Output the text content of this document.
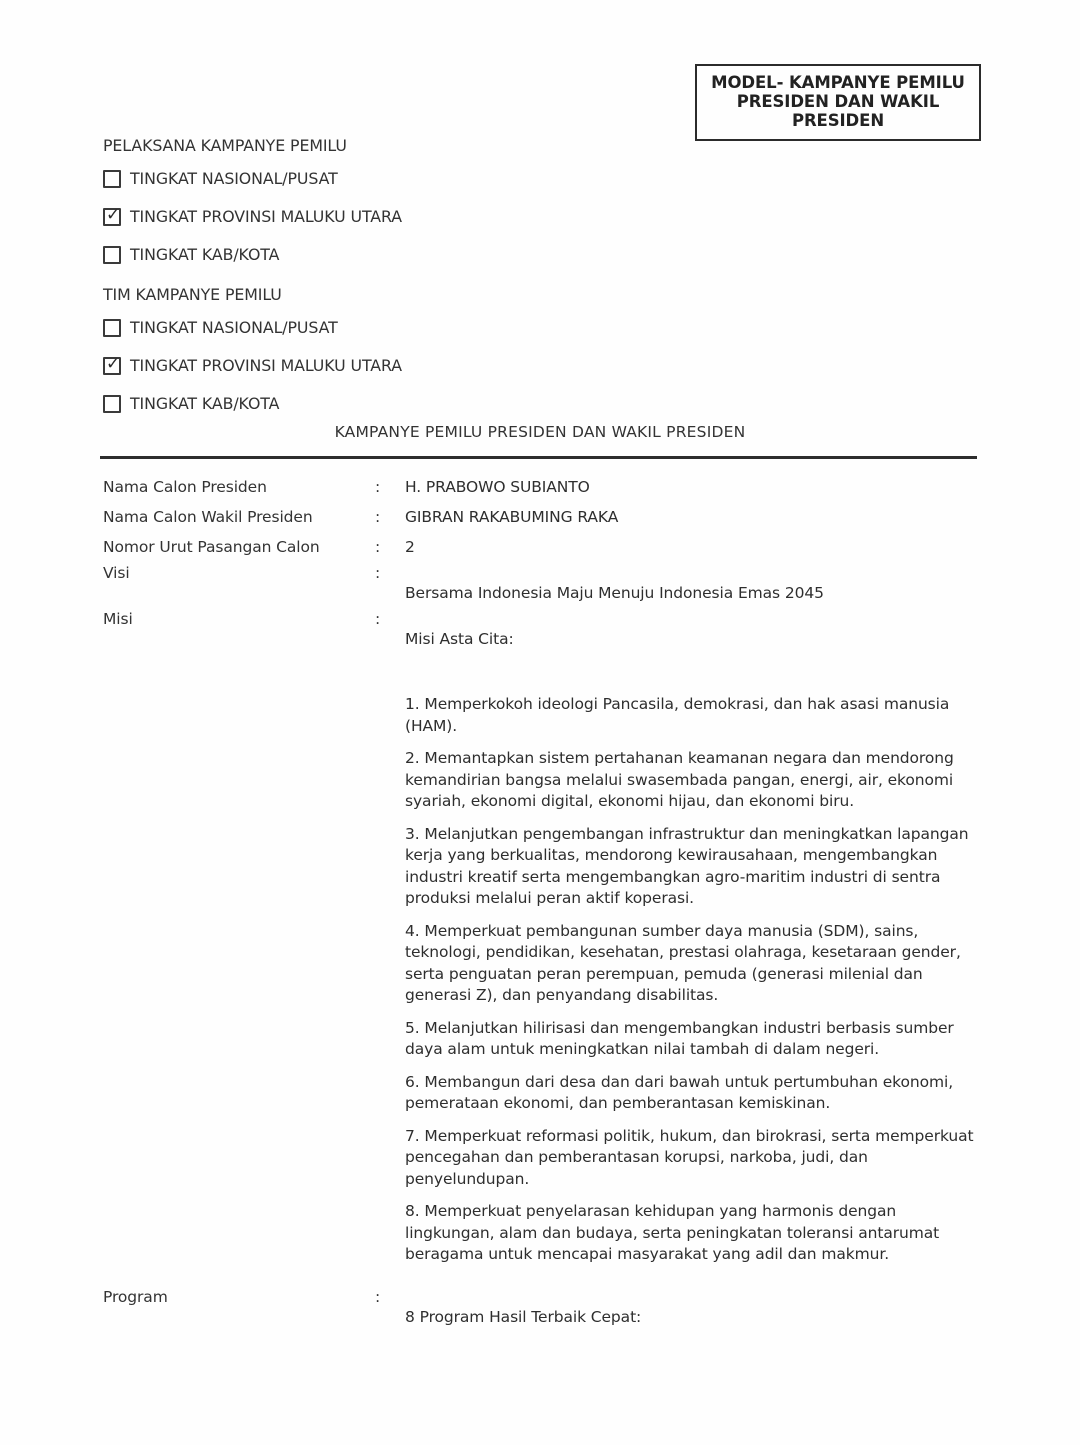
MODEL- KAMPANYE PEMILU
PRESIDEN DAN WAKIL
PRESIDEN
PELAKSANA KAMPANYE PEMILU
TINGKAT NASIONAL/PUSAT
✓ TINGKAT PROVINSI MALUKU UTARA
TINGKAT KAB/KOTA
TIM KAMPANYE PEMILU
TINGKAT NASIONAL/PUSAT
✓ TINGKAT PROVINSI MALUKU UTARA
TINGKAT KAB/KOTA
KAMPANYE PEMILU PRESIDEN DAN WAKIL PRESIDEN
Nama Calon Presiden	:	H. PRABOWO SUBIANTO
Nama Calon Wakil Presiden	:	GIBRAN RAKABUMING RAKA
Nomor Urut Pasangan Calon	:	2
Visi	:
Bersama Indonesia Maju Menuju Indonesia Emas 2045
Misi	:
Misi Asta Cita:
1. Memperkokoh ideologi Pancasila, demokrasi, dan hak asasi manusia (HAM).
2. Memantapkan sistem pertahanan keamanan negara dan mendorong kemandirian bangsa melalui swasembada pangan, energi, air, ekonomi syariah, ekonomi digital, ekonomi hijau, dan ekonomi biru.
3. Melanjutkan pengembangan infrastruktur dan meningkatkan lapangan kerja yang berkualitas, mendorong kewirausahaan, mengembangkan industri kreatif serta mengembangkan agro-maritim industri di sentra produksi melalui peran aktif koperasi.
4. Memperkuat pembangunan sumber daya manusia (SDM), sains, teknologi, pendidikan, kesehatan, prestasi olahraga, kesetaraan gender, serta penguatan peran perempuan, pemuda (generasi milenial dan generasi Z), dan penyandang disabilitas.
5. Melanjutkan hilirisasi dan mengembangkan industri berbasis sumber daya alam untuk meningkatkan nilai tambah di dalam negeri.
6. Membangun dari desa dan dari bawah untuk pertumbuhan ekonomi, pemerataan ekonomi, dan pemberantasan kemiskinan.
7. Memperkuat reformasi politik, hukum, dan birokrasi, serta memperkuat pencegahan dan pemberantasan korupsi, narkoba, judi, dan penyelundupan.
8. Memperkuat penyelarasan kehidupan yang harmonis dengan lingkungan, alam dan budaya, serta peningkatan toleransi antarumat beragama untuk mencapai masyarakat yang adil dan makmur.
Program	:
8 Program Hasil Terbaik Cepat:
